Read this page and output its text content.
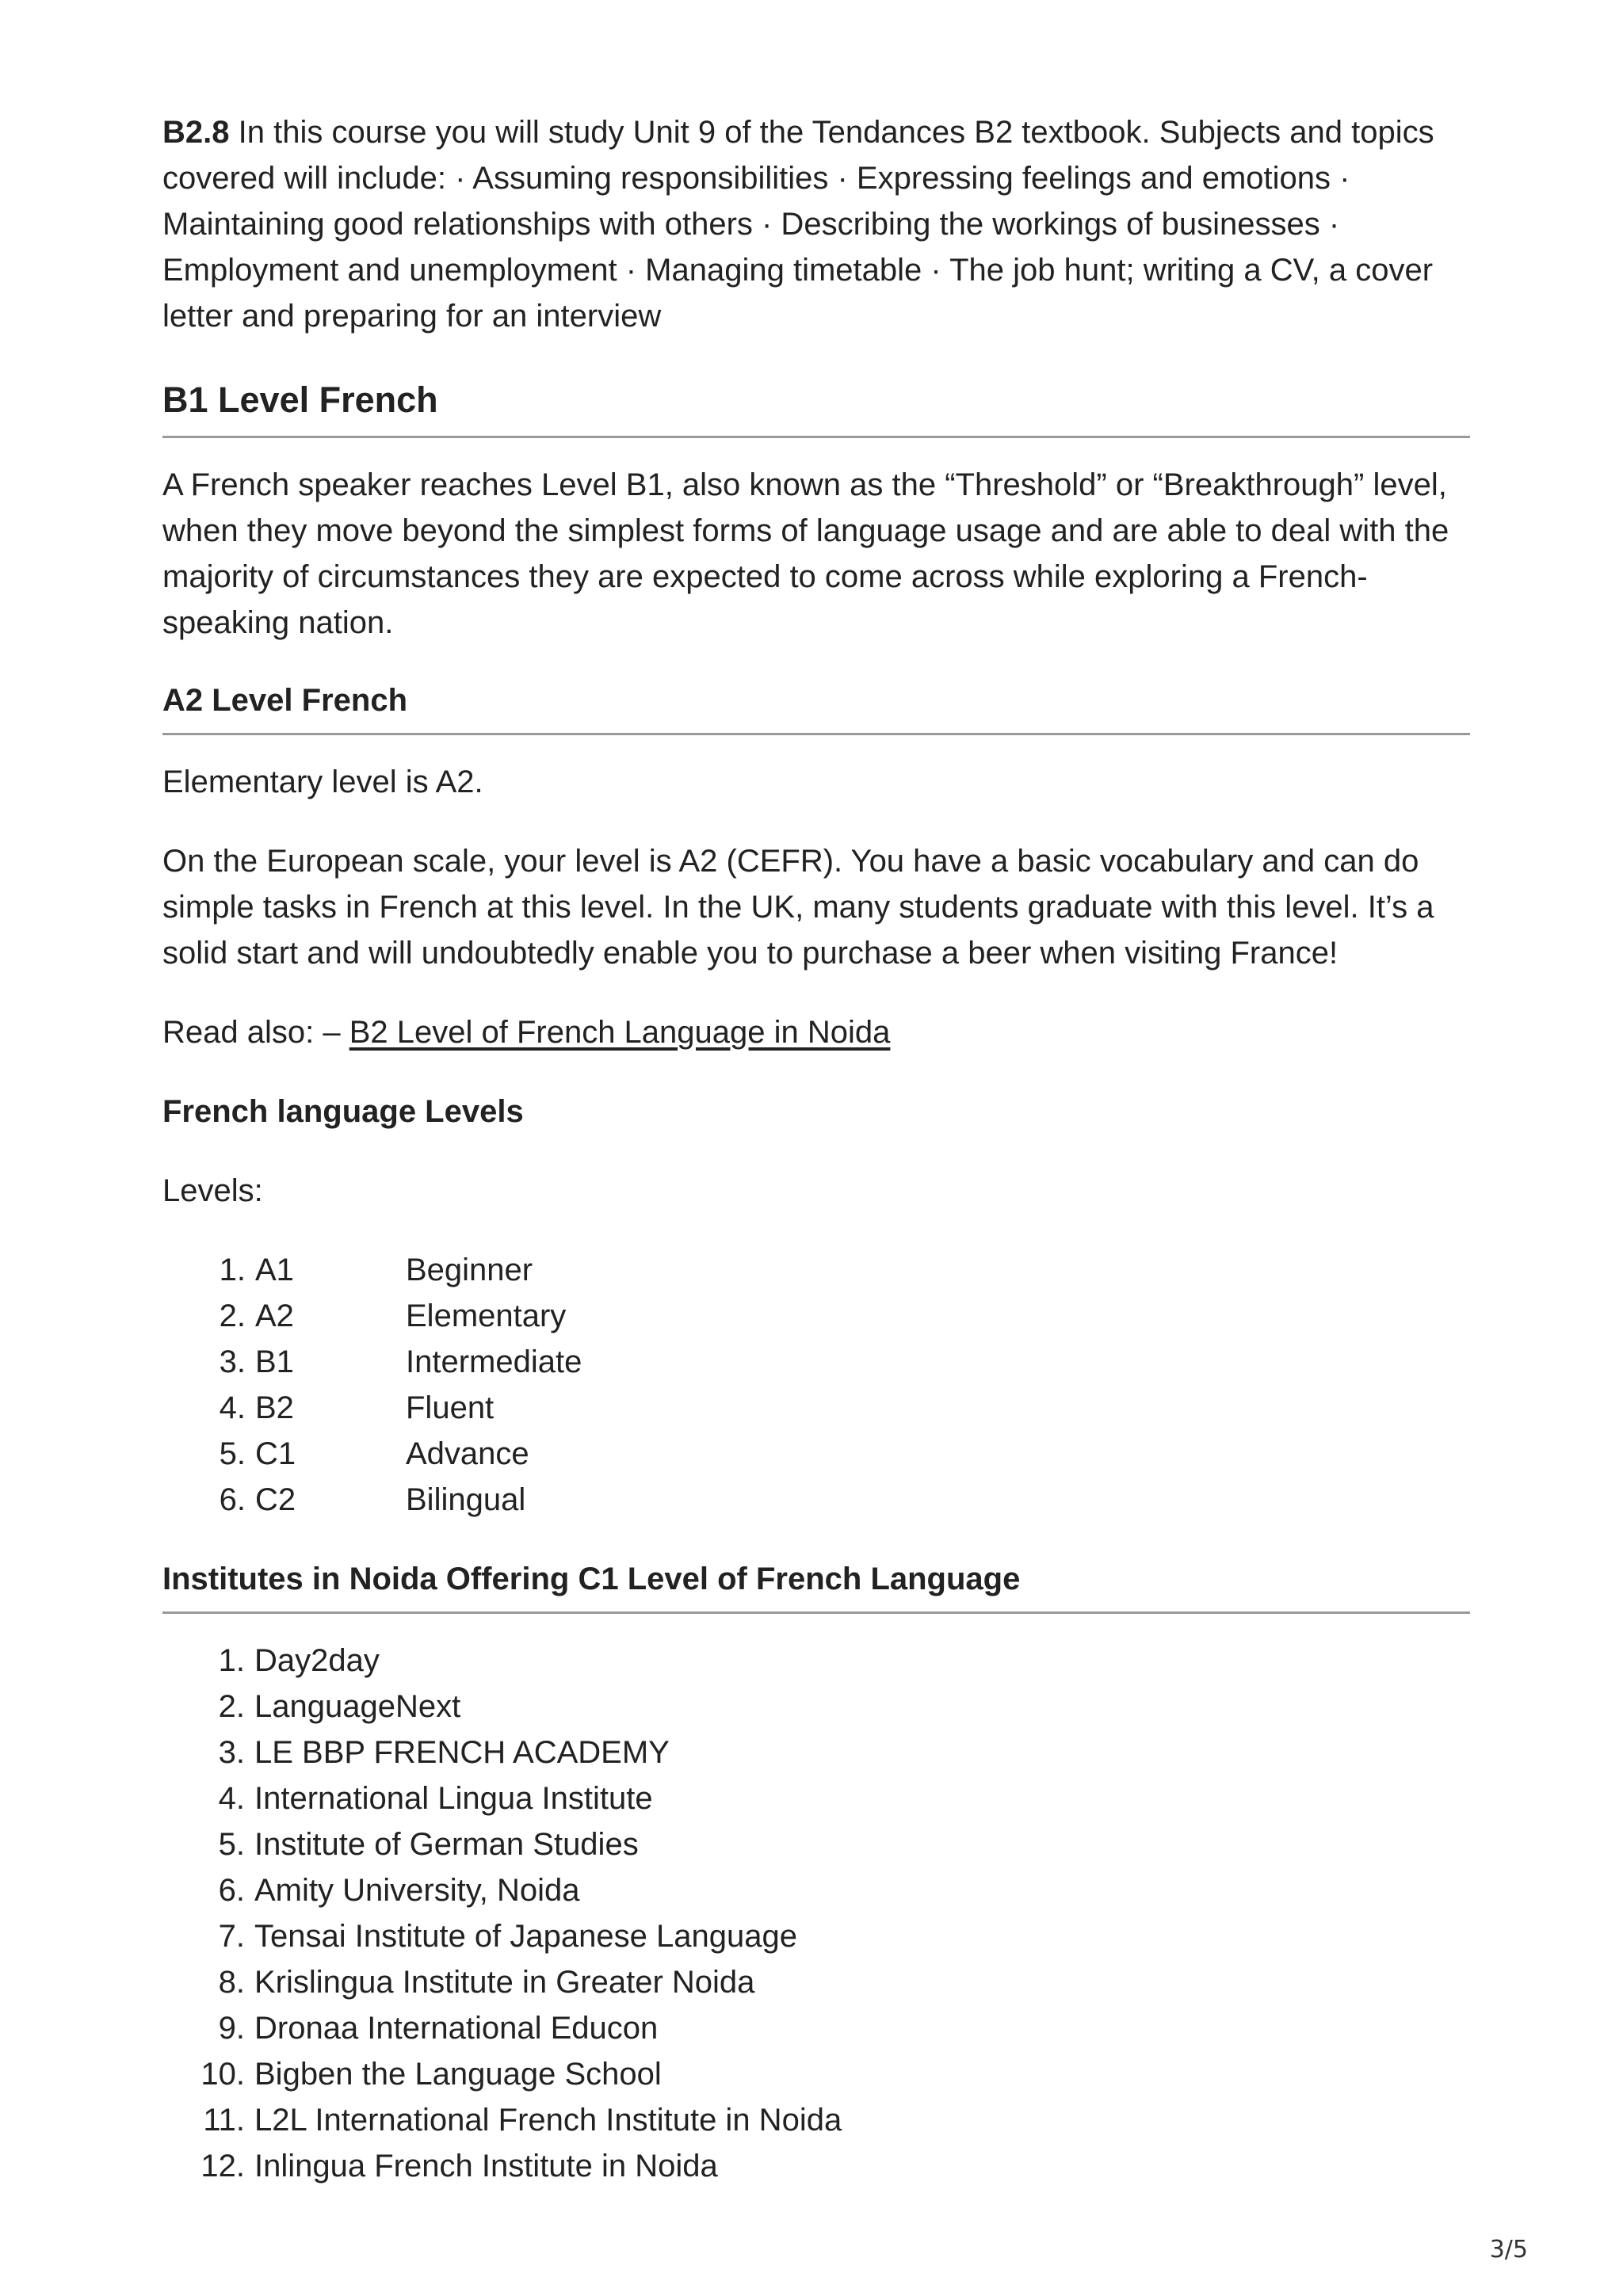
B2.8 In this course you will study Unit 9 of the Tendances B2 textbook. Subjects and topics covered will include: · Assuming responsibilities · Expressing feelings and emotions · Maintaining good relationships with others · Describing the workings of businesses · Employment and unemployment · Managing timetable · The job hunt; writing a CV, a cover letter and preparing for an interview

B1 Level French

A French speaker reaches Level B1, also known as the “Threshold” or “Breakthrough” level, when they move beyond the simplest forms of language usage and are able to deal with the majority of circumstances they are expected to come across while exploring a French-speaking nation.

A2 Level French

Elementary level is A2.

On the European scale, your level is A2 (CEFR). You have a basic vocabulary and can do simple tasks in French at this level. In the UK, many students graduate with this level. It’s a solid start and will undoubtedly enable you to purchase a beer when visiting France!

Read also: – B2 Level of French Language in Noida

French language Levels

Levels:

1. A1	Beginner
2. A2	Elementary
3. B1	Intermediate
4. B2	Fluent
5. C1	Advance
6. C2	Bilingual
Institutes in Noida Offering C1 Level of French Language
1. Day2day
2. LanguageNext
3. LE BBP FRENCH ACADEMY
4. International Lingua Institute
5. Institute of German Studies
6. Amity University, Noida
7. Tensai Institute of Japanese Language
8. Krislingua Institute in Greater Noida
9. Dronaa International Educon
10. Bigben the Language School
11. L2L International French Institute in Noida
12. Inlingua French Institute in Noida
3/5
